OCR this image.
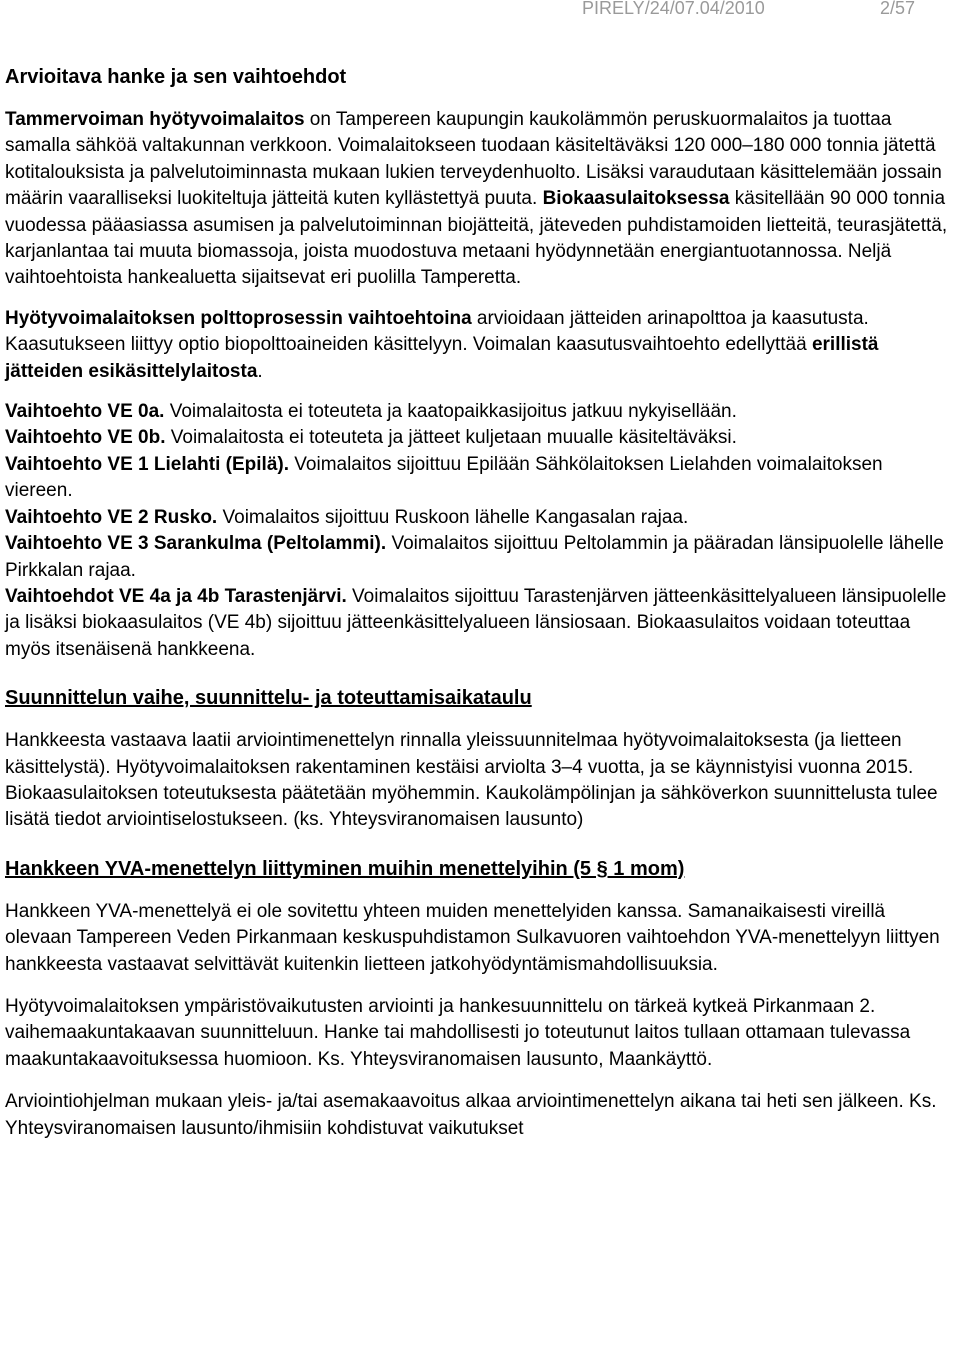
PIRELY/24/07.04/2010	2/57
Arvioitava hanke ja sen vaihtoehdot

Tammervoiman hyötyvoimalaitos on Tampereen kaupungin kaukolämmön peruskuormalaitos ja tuottaa samalla sähköä valtakunnan verkkoon. Voimalaitokseen tuodaan käsiteltäväksi 120 000–180 000 tonnia jätettä kotitalouksista ja palvelutoiminnasta mukaan lukien terveydenhuolto. Lisäksi varaudutaan käsittelemään jossain määrin vaaralliseksi luokiteltuja jätteitä kuten kyllästettyä puuta. Biokaasulaitoksessa käsitellään 90 000 tonnia vuodessa pääasiassa asumisen ja palvelutoiminnan biojätteitä, jäteveden puhdistamoiden lietteitä, teurasjätettä, karjanlantaa tai muuta biomassoja, joista muodostuva metaani hyödynnetään energiantuotannossa. Neljä vaihtoehtoista hankealuetta sijaitsevat eri puolilla Tamperetta.

Hyötyvoimalaitoksen polttoprosessin vaihtoehtoina arvioidaan jätteiden arinapolttoa ja kaasutusta. Kaasutukseen liittyy optio biopolttoaineiden käsittelyyn. Voimalan kaasutusvaihtoehto edellyttää erillistä jätteiden esikäsittelylaitosta.

Vaihtoehto VE 0a. Voimalaitosta ei toteuteta ja kaatopaikkasijoitus jatkuu nykyisellään.

Vaihtoehto VE 0b. Voimalaitosta ei toteuteta ja jätteet kuljetaan muualle käsiteltäväksi.

Vaihtoehto VE 1 Lielahti (Epilä). Voimalaitos sijoittuu Epilään Sähkölaitoksen Lielahden voimalaitoksen viereen.

Vaihtoehto VE 2 Rusko. Voimalaitos sijoittuu Ruskoon lähelle Kangasalan rajaa.

Vaihtoehto VE 3 Sarankulma (Peltolammi). Voimalaitos sijoittuu Peltolammin ja pääradan länsipuolelle lähelle Pirkkalan rajaa.

Vaihtoehdot VE 4a ja 4b Tarastenjärvi. Voimalaitos sijoittuu Tarastenjärven jätteenkäsittelyalueen länsipuolelle ja lisäksi biokaasulaitos (VE 4b) sijoittuu jätteenkäsittelyalueen länsiosaan. Biokaasulaitos voidaan toteuttaa myös itsenäisenä hankkeena.

Suunnittelun vaihe, suunnittelu- ja toteuttamisaikataulu

Hankkeesta vastaava laatii arviointimenettelyn rinnalla yleissuunnitelmaa hyötyvoimalaitoksesta (ja lietteen käsittelystä). Hyötyvoimalaitoksen rakentaminen kestäisi arviolta 3–4 vuotta, ja se käynnistyisi vuonna 2015. Biokaasulaitoksen toteutuksesta päätetään myöhemmin. Kaukolämpölinjan ja sähköverkon suunnittelusta tulee lisätä tiedot arviointiselostukseen. (ks. Yhteysviranomaisen lausunto)

Hankkeen YVA-menettelyn liittyminen muihin menettelyihin (5 § 1 mom)

Hankkeen YVA-menettelyä ei ole sovitettu yhteen muiden menettelyiden kanssa. Samanaikaisesti vireillä olevaan Tampereen Veden Pirkanmaan keskuspuhdistamon Sulkavuoren vaihtoehdon YVA-menettelyyn liittyen hankkeesta vastaavat selvittävät kuitenkin lietteen jatkohyödyntämismahdollisuuksia.

Hyötyvoimalaitoksen ympäristövaikutusten arviointi ja hankesuunnittelu on tärkeä kytkeä Pirkanmaan 2. vaihemaakuntakaavan suunnitteluun. Hanke tai mahdollisesti jo toteutunut laitos tullaan ottamaan tulevassa maakuntakaavoituksessa huomioon. Ks. Yhteysviranomaisen lausunto, Maankäyttö.

Arviointiohjelman mukaan yleis- ja/tai asemakaavoitus alkaa arviointimenettelyn aikana tai heti sen jälkeen. Ks. Yhteysviranomaisen lausunto/ihmisiin kohdistuvat vaikutukset
